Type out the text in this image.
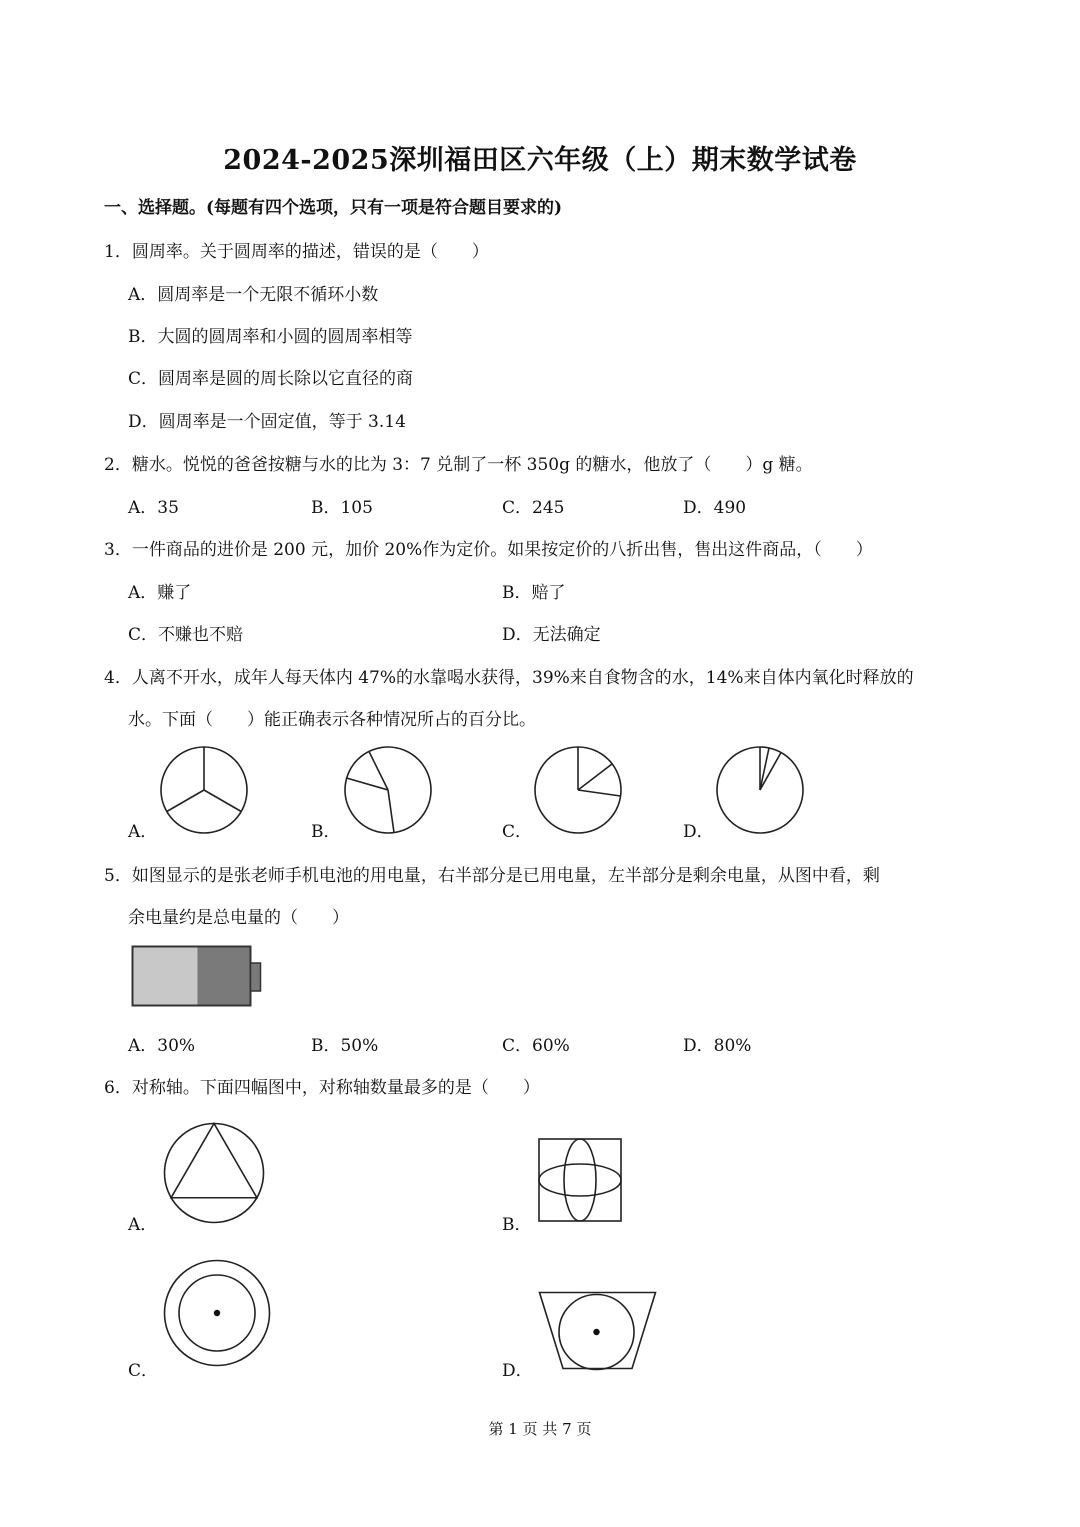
2024-2025深圳福田区六年级（上）期末数学试卷
一、选择题。(每题有四个选项，只有一项是符合题目要求的)
1．圆周率。关于圆周率的描述，错误的是（　　）
A．圆周率是一个无限不循环小数
B．大圆的圆周率和小圆的圆周率相等
C．圆周率是圆的周长除以它直径的商
D．圆周率是一个固定值，等于 3.14
2．糖水。悦悦的爸爸按糖与水的比为 3：7 兑制了一杯 350g 的糖水，他放了（　　）g 糖。
A．35	B．105	C．245	D．490
3．一件商品的进价是 200 元，加价 20%作为定价。如果按定价的八折出售，售出这件商品，（　　）
A．赚了	B．赔了
C．不赚也不赔	D．无法确定
4．人离不开水，成年人每天体内 47%的水靠喝水获得，39%来自食物含的水，14%来自体内氧化时释放的
水。下面（　　）能正确表示各种情况所占的百分比。
A．	B．	C．	D．
5．如图显示的是张老师手机电池的用电量，右半部分是已用电量，左半部分是剩余电量，从图中看，剩
余电量约是总电量的（　　）
A．30%	B．50%	C．60%	D．80%
6．对称轴。下面四幅图中，对称轴数量最多的是（　　）
A．	B．
C．	D．
第 1 页 共 7 页
